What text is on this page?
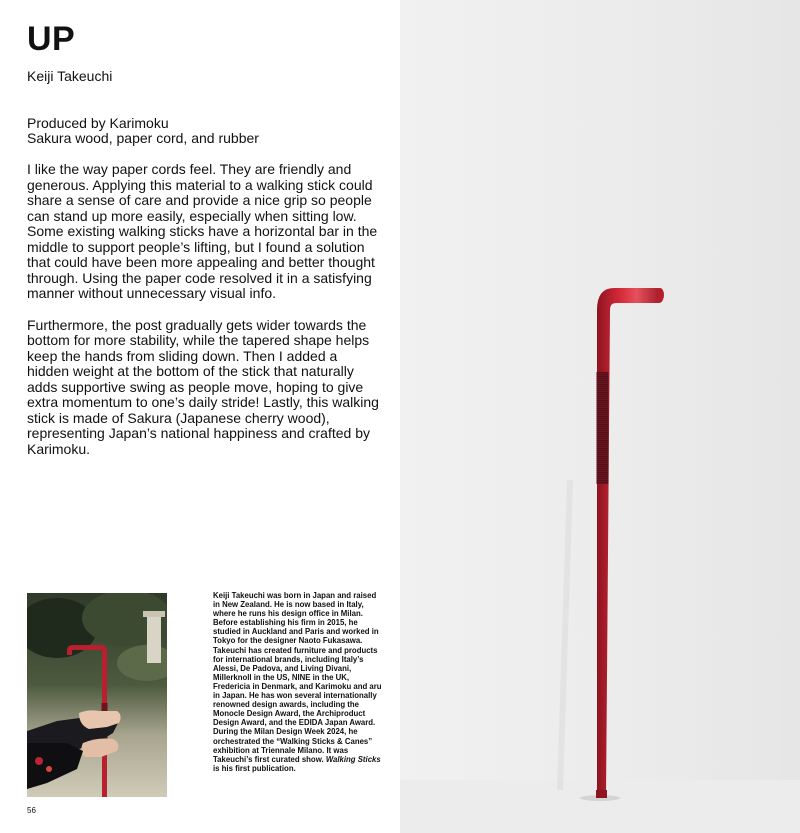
UP
Keiji Takeuchi
Produced by Karimoku
Sakura wood, paper cord, and rubber

I like the way paper cords feel. They are friendly and generous. Applying this material to a walking stick could share a sense of care and provide a nice grip so people can stand up more easily, especially when sitting low. Some existing walking sticks have a horizontal bar in the middle to support people’s lifting, but I found a solution that could have been more appealing and better thought through. Using the paper code resolved it in a satisfying manner without unnecessary visual info.

Furthermore, the post gradually gets wider towards the bottom for more stability, while the tapered shape helps keep the hands from sliding down. Then I added a hidden weight at the bottom of the stick that naturally adds supportive swing as people move, hoping to give extra momentum to one’s daily stride! Lastly, this walking stick is made of Sakura (Japanese cherry wood), representing Japan’s national happiness and crafted by Karimoku.

Keiji Takeuchi was born in Japan and raised in New Zealand. He is now based in Italy, where he runs his design office in Milan. Before establishing his firm in 2015, he studied in Auckland and Paris and worked in Tokyo for the designer Naoto Fukasawa. Takeuchi has created furniture and products for international brands, including Italy’s Alessi, De Padova, and Living Divani, Millerknoll in the US, NINE in the UK, Fredericia in Denmark, and Karimoku and aru in Japan. He has won several internationally renowned design awards, including the Monocle Design Award, the Archiproduct Design Award, and the EDIDA Japan Award. During the Milan Design Week 2024, he orchestrated the “Walking Sticks & Canes” exhibition at Triennale Milano. It was Takeuchi’s first curated show. Walking Sticks is his first publication.
56
